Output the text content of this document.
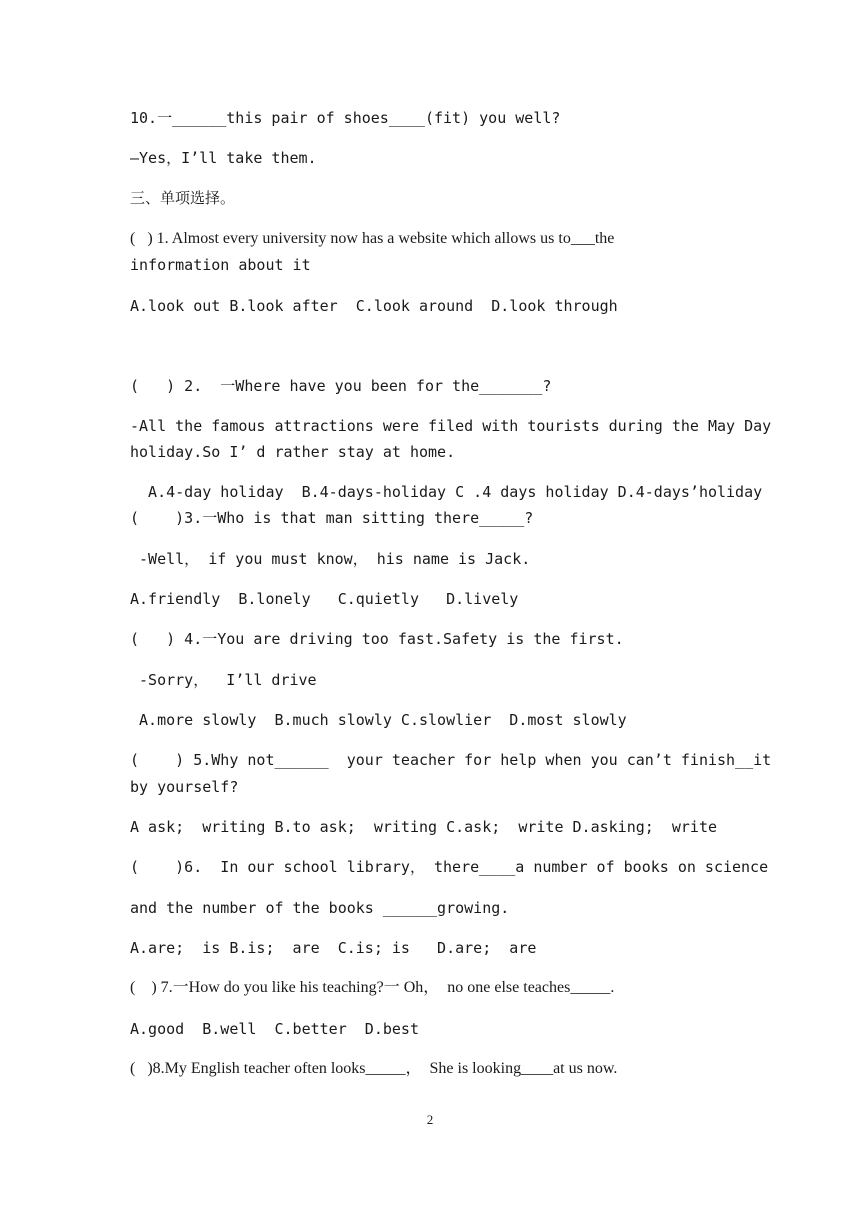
10.一______this pair of shoes____(fit) you well?
—Yes，I’ll take them.
三、单项选择。
(   ) 1. Almost every university now has a website which allows us to___the
information about it
A.look out B.look after  C.look around  D.look through
(   ) 2.  一Where have you been for the_______?
-All the famous attractions were filed with tourists during the May Day
holiday.So I’ d rather stay at home.
A.4-day holiday  B.4-days-holiday C .4 days holiday D.4-days’holiday
(    )3.一Who is that man sitting there_____?
-Well， if you must know， his name is Jack.
A.friendly  B.lonely   C.quietly   D.lively
(   ) 4.一You are driving too fast.Safety is the first.
-Sorry，  I’ll drive
A.more slowly  B.much slowly C.slowlier  D.most slowly
(    ) 5.Why not______  your teacher for help when you can’t finish__it
by yourself?
A ask;  writing B.to ask;  writing C.ask;  write D.asking;  write
(    )6.  In our school library， there____a number of books on science
and the number of the books ______growing.
A.are;  is B.is;  are  C.is; is   D.are;  are
(    ) 7.一How do you like his teaching?一 Oh，  no one else teaches_____.
A.good  B.well  C.better  D.best
(   )8.My English teacher often looks_____，  She is looking____at us now.
2
